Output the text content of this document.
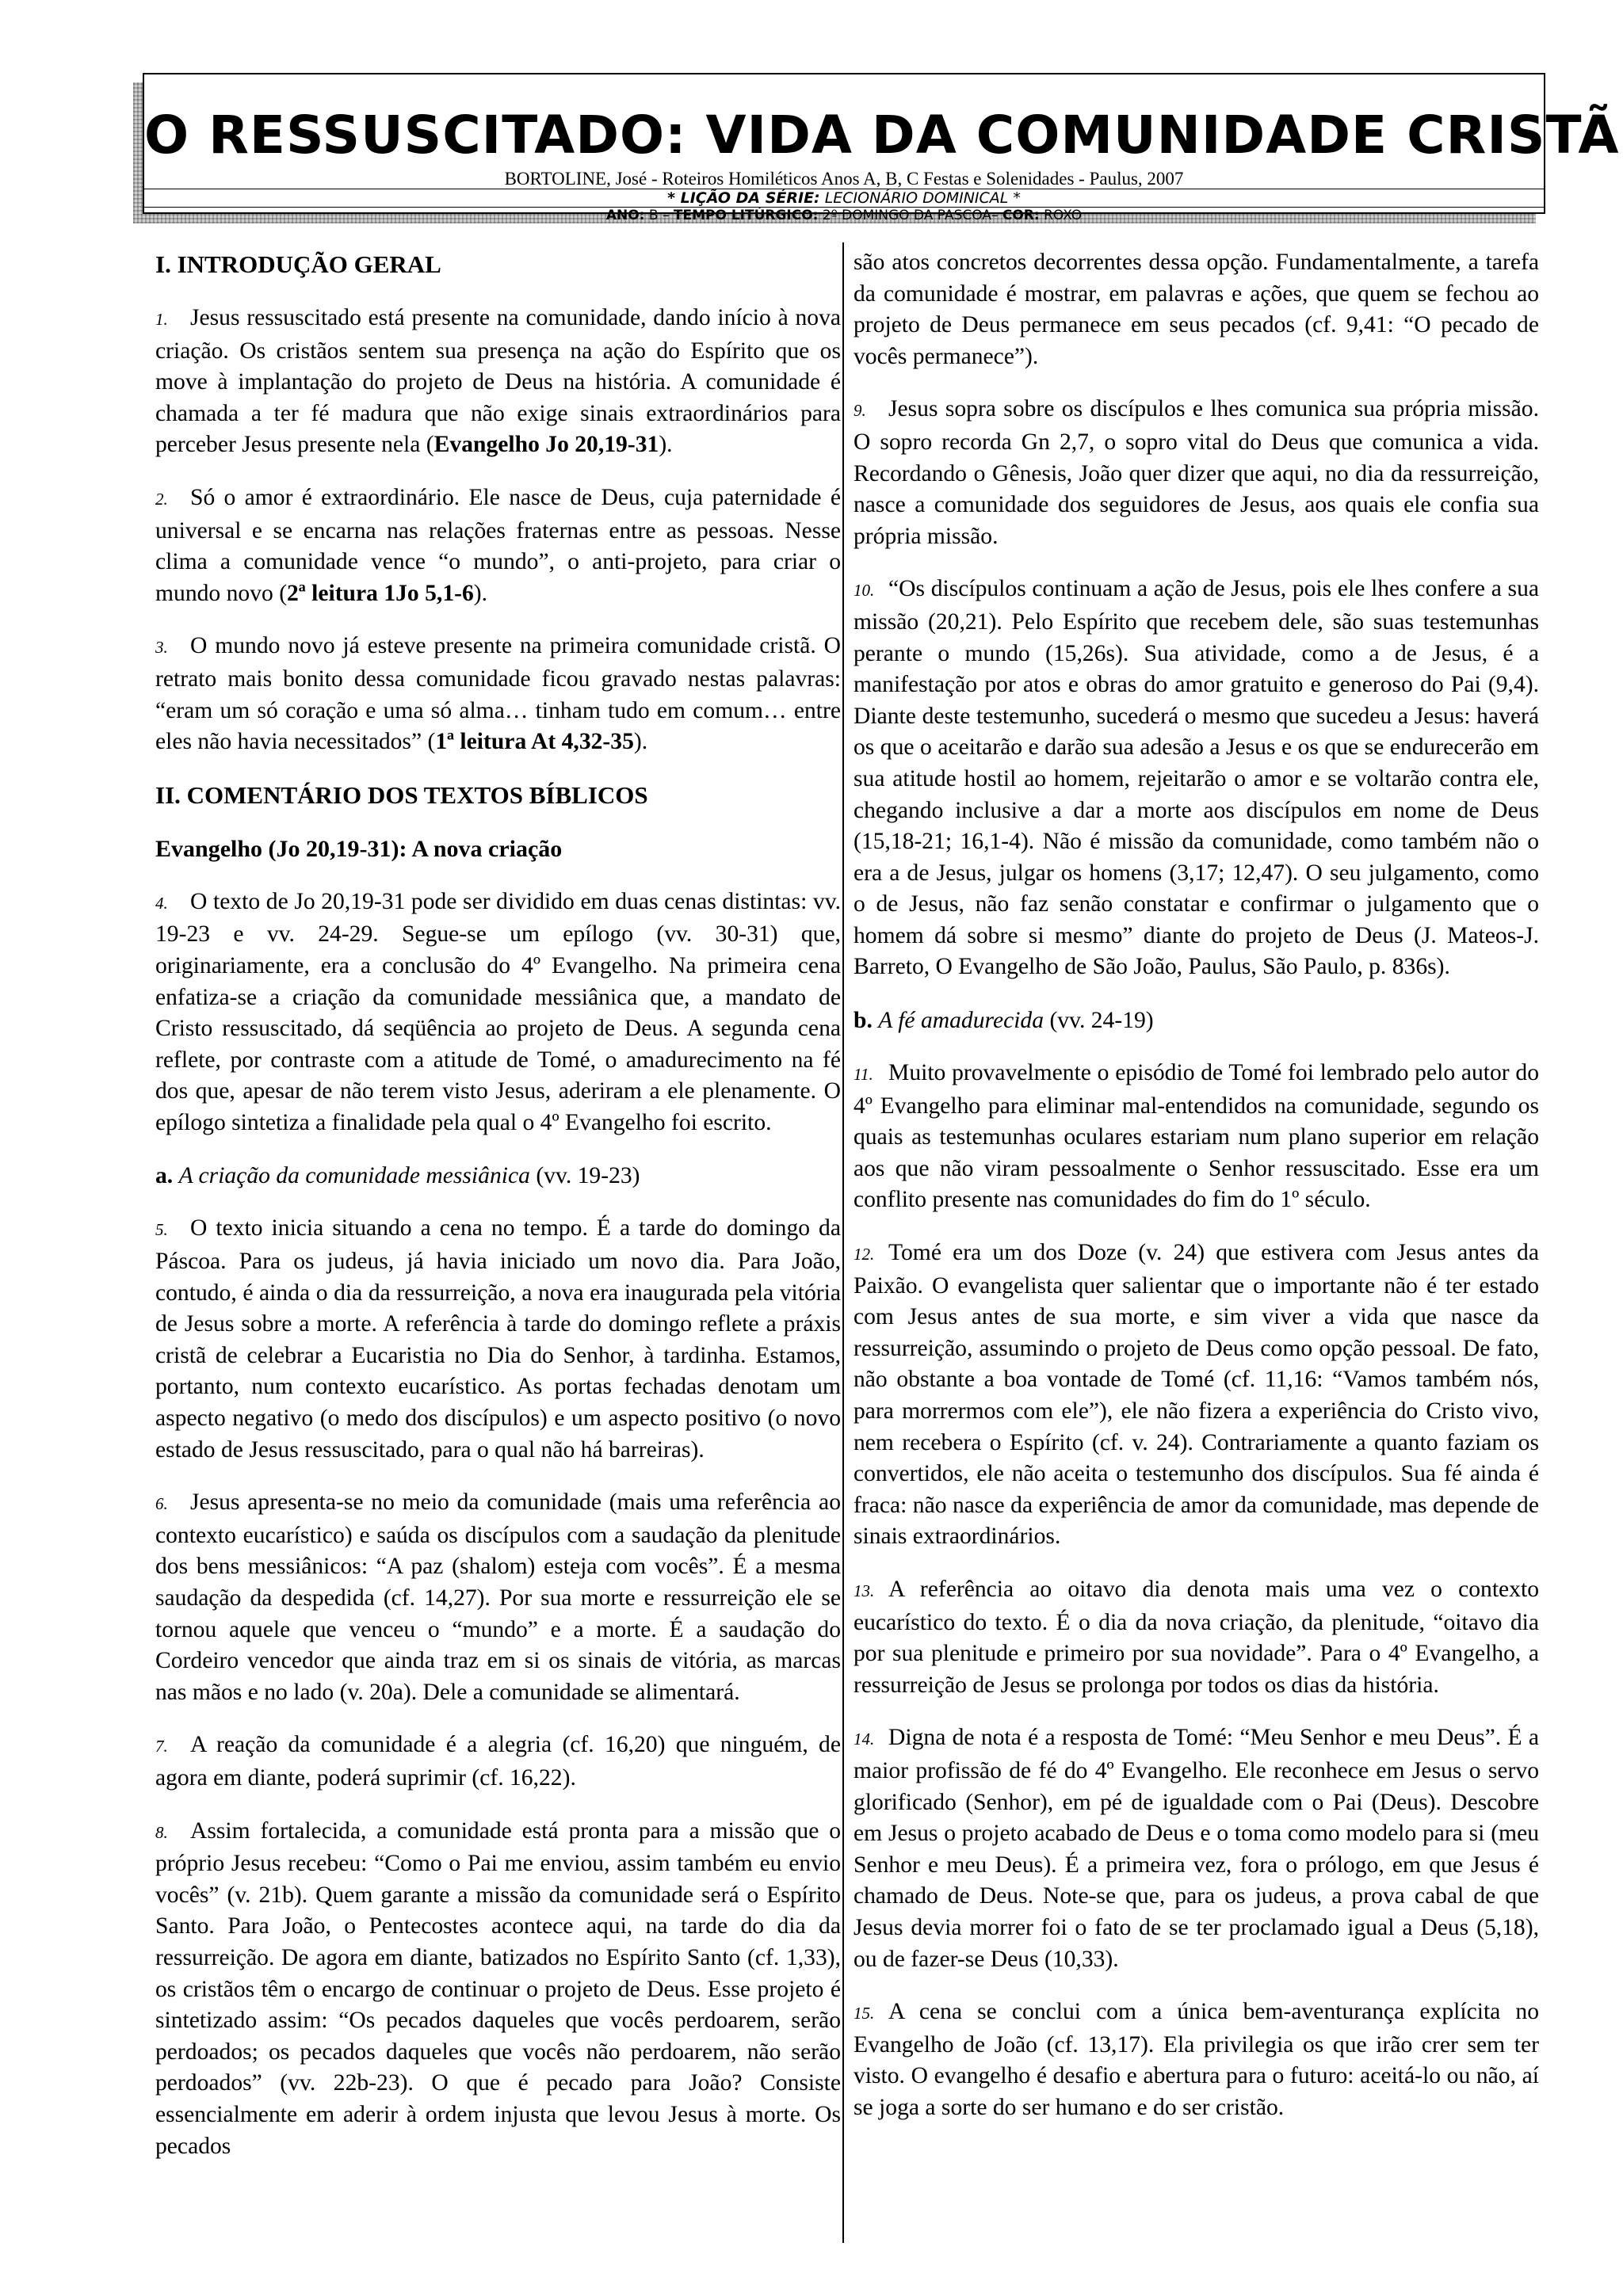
O RESSUSCITADO: VIDA DA COMUNIDADE CRISTÃ
BORTOLINE, José - Roteiros Homiléticos Anos A, B, C Festas e Solenidades - Paulus, 2007
* LIÇÃO DA SÉRIE: LECIONÁRIO DOMINICAL *
ANO: B – TEMPO LITÚRGICO: 2º DOMINGO DA PASCOA– COR: ROXO
I. INTRODUÇÃO GERAL

1. Jesus ressuscitado está presente na comunidade, dando início à nova criação. Os cristãos sentem sua presença na ação do Espírito que os move à implantação do projeto de Deus na história. A comunidade é chamada a ter fé madura que não exige sinais extraordinários para perceber Jesus presente nela (Evangelho Jo 20,19-31).

2. Só o amor é extraordinário. Ele nasce de Deus, cuja paternidade é universal e se encarna nas relações fraternas entre as pessoas. Nesse clima a comunidade vence “o mundo”, o anti-projeto, para criar o mundo novo (2ª leitura 1Jo 5,1-6).

3. O mundo novo já esteve presente na primeira comunidade cristã. O retrato mais bonito dessa comunidade ficou gravado nestas palavras: “eram um só coração e uma só alma… tinham tudo em comum… entre eles não havia necessitados” (1ª leitura At 4,32-35).

II. COMENTÁRIO DOS TEXTOS BÍBLICOS
Evangelho (Jo 20,19-31): A nova criação

4. O texto de Jo 20,19-31 pode ser dividido em duas cenas distintas: vv. 19-23 e vv. 24-29. Segue-se um epílogo (vv. 30-31) que, originariamente, era a conclusão do 4º Evangelho. Na primeira cena enfatiza-se a criação da comunidade messiânica que, a mandato de Cristo ressuscitado, dá seqüência ao projeto de Deus. A segunda cena reflete, por contraste com a atitude de Tomé, o amadurecimento na fé dos que, apesar de não terem visto Jesus, aderiram a ele plenamente. O epílogo sintetiza a finalidade pela qual o 4º Evangelho foi escrito.

a. A criação da comunidade messiânica (vv. 19-23)

5. O texto inicia situando a cena no tempo. É a tarde do domingo da Páscoa. Para os judeus, já havia iniciado um novo dia. Para João, contudo, é ainda o dia da ressurreição, a nova era inaugurada pela vitória de Jesus sobre a morte. A referência à tarde do domingo reflete a práxis cristã de celebrar a Eucaristia no Dia do Senhor, à tardinha. Estamos, portanto, num contexto eucarístico. As portas fechadas denotam um aspecto negativo (o medo dos discípulos) e um aspecto positivo (o novo estado de Jesus ressuscitado, para o qual não há barreiras).

6. Jesus apresenta-se no meio da comunidade (mais uma referência ao contexto eucarístico) e saúda os discípulos com a saudação da plenitude dos bens messiânicos: “A paz (shalom) esteja com vocês”. É a mesma saudação da despedida (cf. 14,27). Por sua morte e ressurreição ele se tornou aquele que venceu o “mundo” e a morte. É a saudação do Cordeiro vencedor que ainda traz em si os sinais de vitória, as marcas nas mãos e no lado (v. 20a). Dele a comunidade se alimentará.

7. A reação da comunidade é a alegria (cf. 16,20) que ninguém, de agora em diante, poderá suprimir (cf. 16,22).

8. Assim fortalecida, a comunidade está pronta para a missão que o próprio Jesus recebeu: “Como o Pai me enviou, assim também eu envio vocês” (v. 21b). Quem garante a missão da comunidade será o Espírito Santo. Para João, o Pentecostes acontece aqui, na tarde do dia da ressurreição. De agora em diante, batizados no Espírito Santo (cf. 1,33), os cristãos têm o encargo de continuar o projeto de Deus. Esse projeto é sintetizado assim: “Os pecados daqueles que vocês perdoarem, serão perdoados; os pecados daqueles que vocês não perdoarem, não serão perdoados” (vv. 22b-23). O que é pecado para João? Consiste essencialmente em aderir à ordem injusta que levou Jesus à morte. Os pecados

são atos concretos decorrentes dessa opção. Fundamentalmente, a tarefa da comunidade é mostrar, em palavras e ações, que quem se fechou ao projeto de Deus permanece em seus pecados (cf. 9,41: “O pecado de vocês permanece”).

9. Jesus sopra sobre os discípulos e lhes comunica sua própria missão. O sopro recorda Gn 2,7, o sopro vital do Deus que comunica a vida. Recordando o Gênesis, João quer dizer que aqui, no dia da ressurreição, nasce a comunidade dos seguidores de Jesus, aos quais ele confia sua própria missão.

10. “Os discípulos continuam a ação de Jesus, pois ele lhes confere a sua missão (20,21). Pelo Espírito que recebem dele, são suas testemunhas perante o mundo (15,26s). Sua atividade, como a de Jesus, é a manifestação por atos e obras do amor gratuito e generoso do Pai (9,4). Diante deste testemunho, sucederá o mesmo que sucedeu a Jesus: haverá os que o aceitarão e darão sua adesão a Jesus e os que se endurecerão em sua atitude hostil ao homem, rejeitarão o amor e se voltarão contra ele, chegando inclusive a dar a morte aos discípulos em nome de Deus (15,18-21; 16,1-4). Não é missão da comunidade, como também não o era a de Jesus, julgar os homens (3,17; 12,47). O seu julgamento, como o de Jesus, não faz senão constatar e confirmar o julgamento que o homem dá sobre si mesmo” diante do projeto de Deus (J. Mateos-J. Barreto, O Evangelho de São João, Paulus, São Paulo, p. 836s).

b. A fé amadurecida (vv. 24-19)

11. Muito provavelmente o episódio de Tomé foi lembrado pelo autor do 4º Evangelho para eliminar mal-entendidos na comunidade, segundo os quais as testemunhas oculares estariam num plano superior em relação aos que não viram pessoalmente o Senhor ressuscitado. Esse era um conflito presente nas comunidades do fim do 1º século.

12. Tomé era um dos Doze (v. 24) que estivera com Jesus antes da Paixão. O evangelista quer salientar que o importante não é ter estado com Jesus antes de sua morte, e sim viver a vida que nasce da ressurreição, assumindo o projeto de Deus como opção pessoal. De fato, não obstante a boa vontade de Tomé (cf. 11,16: “Vamos também nós, para morrermos com ele”), ele não fizera a experiência do Cristo vivo, nem recebera o Espírito (cf. v. 24). Contrariamente a quanto faziam os convertidos, ele não aceita o testemunho dos discípulos. Sua fé ainda é fraca: não nasce da experiência de amor da comunidade, mas depende de sinais extraordinários.

13. A referência ao oitavo dia denota mais uma vez o contexto eucarístico do texto. É o dia da nova criação, da plenitude, “oitavo dia por sua plenitude e primeiro por sua novidade”. Para o 4º Evangelho, a ressurreição de Jesus se prolonga por todos os dias da história.

14. Digna de nota é a resposta de Tomé: “Meu Senhor e meu Deus”. É a maior profissão de fé do 4º Evangelho. Ele reconhece em Jesus o servo glorificado (Senhor), em pé de igualdade com o Pai (Deus). Descobre em Jesus o projeto acabado de Deus e o toma como modelo para si (meu Senhor e meu Deus). É a primeira vez, fora o prólogo, em que Jesus é chamado de Deus. Note-se que, para os judeus, a prova cabal de que Jesus devia morrer foi o fato de se ter proclamado igual a Deus (5,18), ou de fazer-se Deus (10,33).

15. A cena se conclui com a única bem-aventurança explícita no Evangelho de João (cf. 13,17). Ela privilegia os que irão crer sem ter visto. O evangelho é desafio e abertura para o futuro: aceitá-lo ou não, aí se joga a sorte do ser humano e do ser cristão.
